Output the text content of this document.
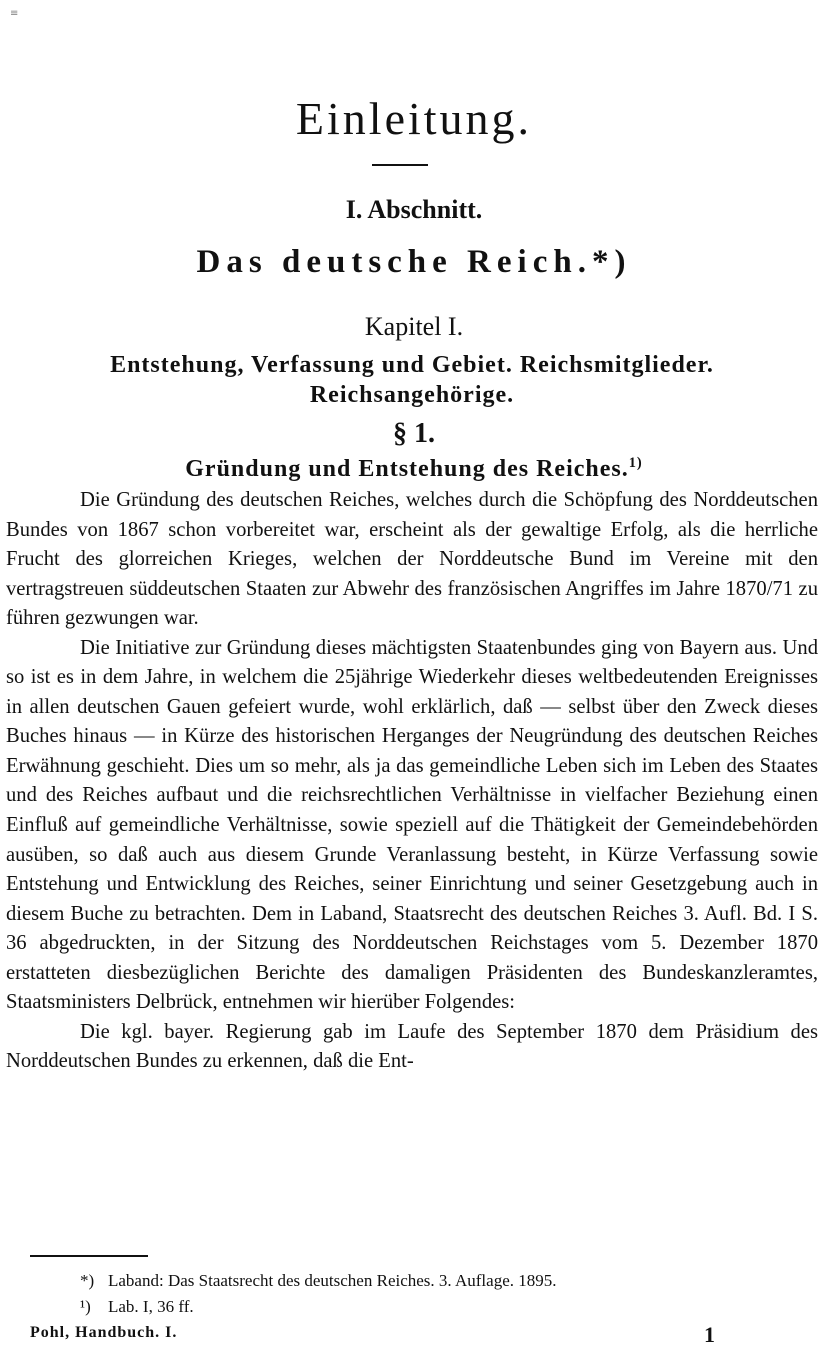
≡
Einleitung.
I. Abschnitt.
Das deutsche Reich.*)
Kapitel I.
Entstehung, Verfassung und Gebiet. Reichsmitglieder. Reichsangehörige.
§ 1.
Gründung und Entstehung des Reiches.$^{1)}$

Die Gründung des deutschen Reiches, welches durch die Schöpfung des Norddeutschen Bundes von 1867 schon vorbereitet war, erscheint als der gewaltige Erfolg, als die herrliche Frucht des glorreichen Krieges, welchen der Norddeutsche Bund im Vereine mit den vertragstreuen süddeutschen Staaten zur Abwehr des französischen Angriffes im Jahre 1870/71 zu führen gezwungen war.

Die Initiative zur Gründung dieses mächtigsten Staatenbundes ging von Bayern aus. Und so ist es in dem Jahre, in welchem die 25jährige Wiederkehr dieses weltbedeutenden Ereignisses in allen deutschen Gauen gefeiert wurde, wohl erklärlich, daß — selbst über den Zweck dieses Buches hinaus — in Kürze des historischen Herganges der Neugründung des deutschen Reiches Erwähnung geschieht. Dies um so mehr, als ja das gemeindliche Leben sich im Leben des Staates und des Reiches aufbaut und die reichsrechtlichen Verhältnisse in vielfacher Beziehung einen Einfluß auf gemeindliche Verhältnisse, sowie speziell auf die Thätigkeit der Gemeindebehörden ausüben, so daß auch aus diesem Grunde Veranlassung besteht, in Kürze Verfassung sowie Entstehung und Entwicklung des Reiches, seiner Einrichtung und seiner Gesetzgebung auch in diesem Buche zu betrachten. Dem in Laband, Staatsrecht des deutschen Reiches 3. Aufl. Bd. I S. 36 abgedruckten, in der Sitzung des Norddeutschen Reichstages vom 5. Dezember 1870 erstatteten diesbezüglichen Berichte des damaligen Präsidenten des Bundeskanzleramtes, Staatsministers Delbrück, entnehmen wir hierüber Folgendes:

Die kgl. bayer. Regierung gab im Laufe des September 1870 dem Präsidium des Norddeutschen Bundes zu erkennen, daß die Ent-

*) Laband: Das Staatsrecht des deutschen Reiches. 3. Auflage. 1895.
¹) Lab. I, 36 ff.
Pohl, Handbuch. I.	1
